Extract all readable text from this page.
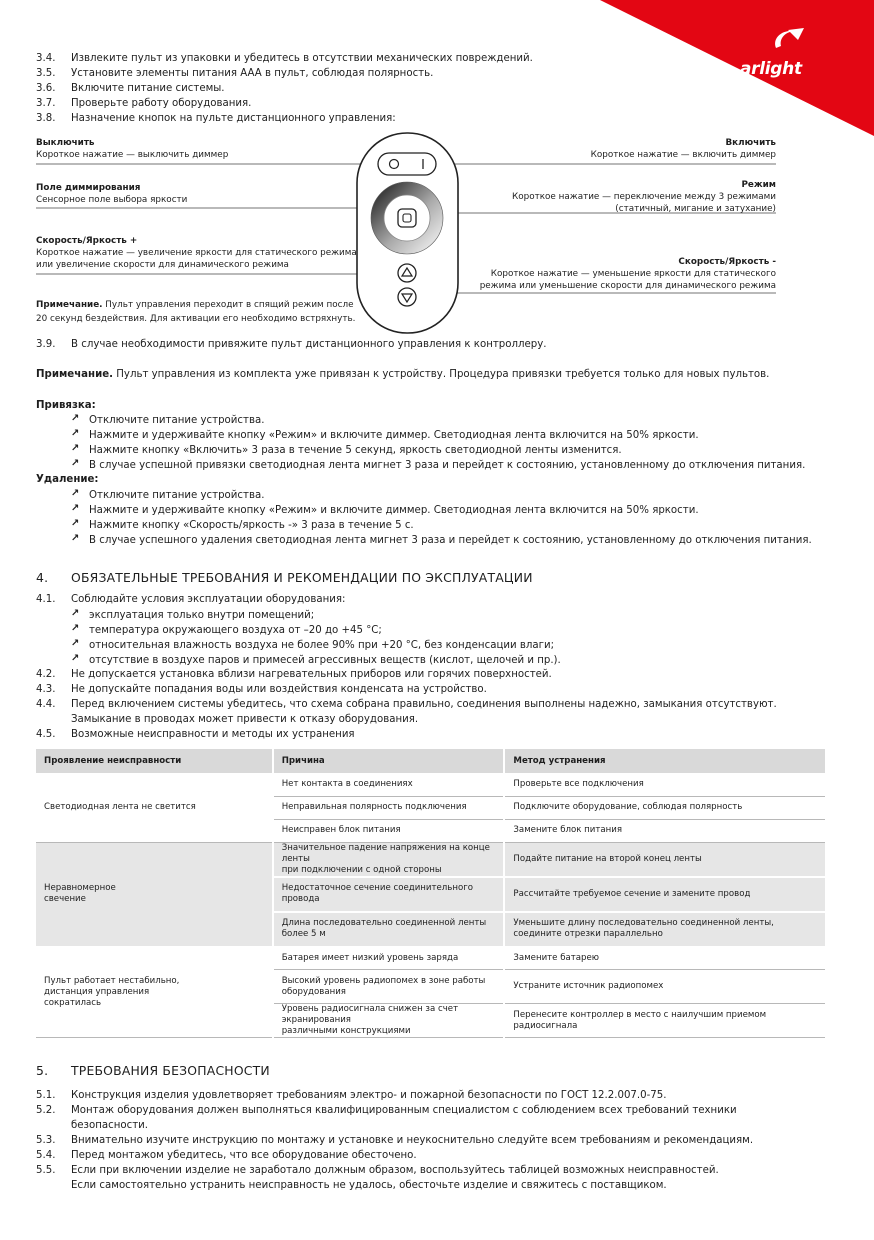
arlight
3.4. Извлеките пульт из упаковки и убедитесь в отсутствии механических повреждений.
3.5. Установите элементы питания AAA в пульт, соблюдая полярность.
3.6. Включите питание системы.
3.7. Проверьте работу оборудования.
3.8. Назначение кнопок на пульте дистанционного управления:
Выключить
Короткое нажатие — выключить диммер
Поле диммирования
Сенсорное поле выбора яркости
Скорость/Яркость +
Короткое нажатие — увеличение яркости для статического режима
или увеличение скорости для динамического режима
Примечание. Пульт управления переходит в спящий режим после
20 секунд бездействия. Для активации его необходимо встряхнуть.
Включить
Короткое нажатие — включить диммер
Режим
Короткое нажатие — переключение между 3 режимами
(статичный, мигание и затухание)
Скорость/Яркость -
Короткое нажатие — уменьшение яркости для статического
режима или уменьшение скорости для динамического режима
3.9. В случае необходимости привяжите пульт дистанционного управления к контроллеру.
Примечание. Пульт управления из комплекта уже привязан к устройству. Процедура привязки требуется только для новых пультов.
Привязка:
↗ Отключите питание устройства.
↗ Нажмите и удерживайте кнопку «Режим» и включите диммер. Светодиодная лента включится на 50% яркости.
↗ Нажмите кнопку «Включить» 3 раза в течение 5 секунд, яркость светодиодной ленты изменится.
↗ В случае успешной привязки светодиодная лента мигнет 3 раза и перейдет к состоянию, установленному до отключения питания.
Удаление:
↗ Отключите питание устройства.
↗ Нажмите и удерживайте кнопку «Режим» и включите диммер. Светодиодная лента включится на 50% яркости.
↗ Нажмите кнопку «Скорость/яркость -» 3 раза в течение 5 с.
↗ В случае успешного удаления светодиодная лента мигнет 3 раза и перейдет к состоянию, установленному до отключения питания.
4. ОБЯЗАТЕЛЬНЫЕ ТРЕБОВАНИЯ И РЕКОМЕНДАЦИИ ПО ЭКСПЛУАТАЦИИ
4.1. Соблюдайте условия эксплуатации оборудования:
↗ эксплуатация только внутри помещений;
↗ температура окружающего воздуха от –20 до +45 °C;
↗ относительная влажность воздуха не более 90% при +20 °C, без конденсации влаги;
↗ отсутствие в воздухе паров и примесей агрессивных веществ (кислот, щелочей и пр.).
4.2. Не допускается установка вблизи нагревательных приборов или горячих поверхностей.
4.3. Не допускайте попадания воды или воздействия конденсата на устройство.
4.4. Перед включением системы убедитесь, что схема собрана правильно, соединения выполнены надежно, замыкания отсутствуют.
Замыкание в проводах может привести к отказу оборудования.
4.5. Возможные неисправности и методы их устранения
Проявление неисправности	Причина	Метод устранения
Светодиодная лента не светится	Нет контакта в соединениях	Проверьте все подключения
	Неправильная полярность подключения	Подключите оборудование, соблюдая полярность
	Неисправен блок питания	Замените блок питания
Неравномерное
свечение	Значительное падение напряжения на конце ленты
при подключении с одной стороны	Подайте питание на второй конец ленты
	Недостаточное сечение соединительного провода	Рассчитайте требуемое сечение и замените провод
	Длина последовательно соединенной ленты более 5 м	Уменьшите длину последовательно соединенной ленты,
соедините отрезки параллельно
Пульт работает нестабильно,
дистанция управления
сократилась	Батарея имеет низкий уровень заряда	Замените батарею
	Высокий уровень радиопомех в зоне работы оборудования	Устраните источник радиопомех
	Уровень радиосигнала снижен за счет экранирования
различными конструкциями	Перенесите контроллер в место с наилучшим приемом
радиосигнала
5. ТРЕБОВАНИЯ БЕЗОПАСНОСТИ
5.1. Конструкция изделия удовлетворяет требованиям электро- и пожарной безопасности по ГОСТ 12.2.007.0-75.
5.2. Монтаж оборудования должен выполняться квалифицированным специалистом с соблюдением всех требований техники
безопасности.
5.3. Внимательно изучите инструкцию по монтажу и установке и неукоснительно следуйте всем требованиям и рекомендациям.
5.4. Перед монтажом убедитесь, что все оборудование обесточено.
5.5. Если при включении изделие не заработало должным образом, воспользуйтесь таблицей возможных неисправностей.
Если самостоятельно устранить неисправность не удалось, обесточьте изделие и свяжитесь с поставщиком.
